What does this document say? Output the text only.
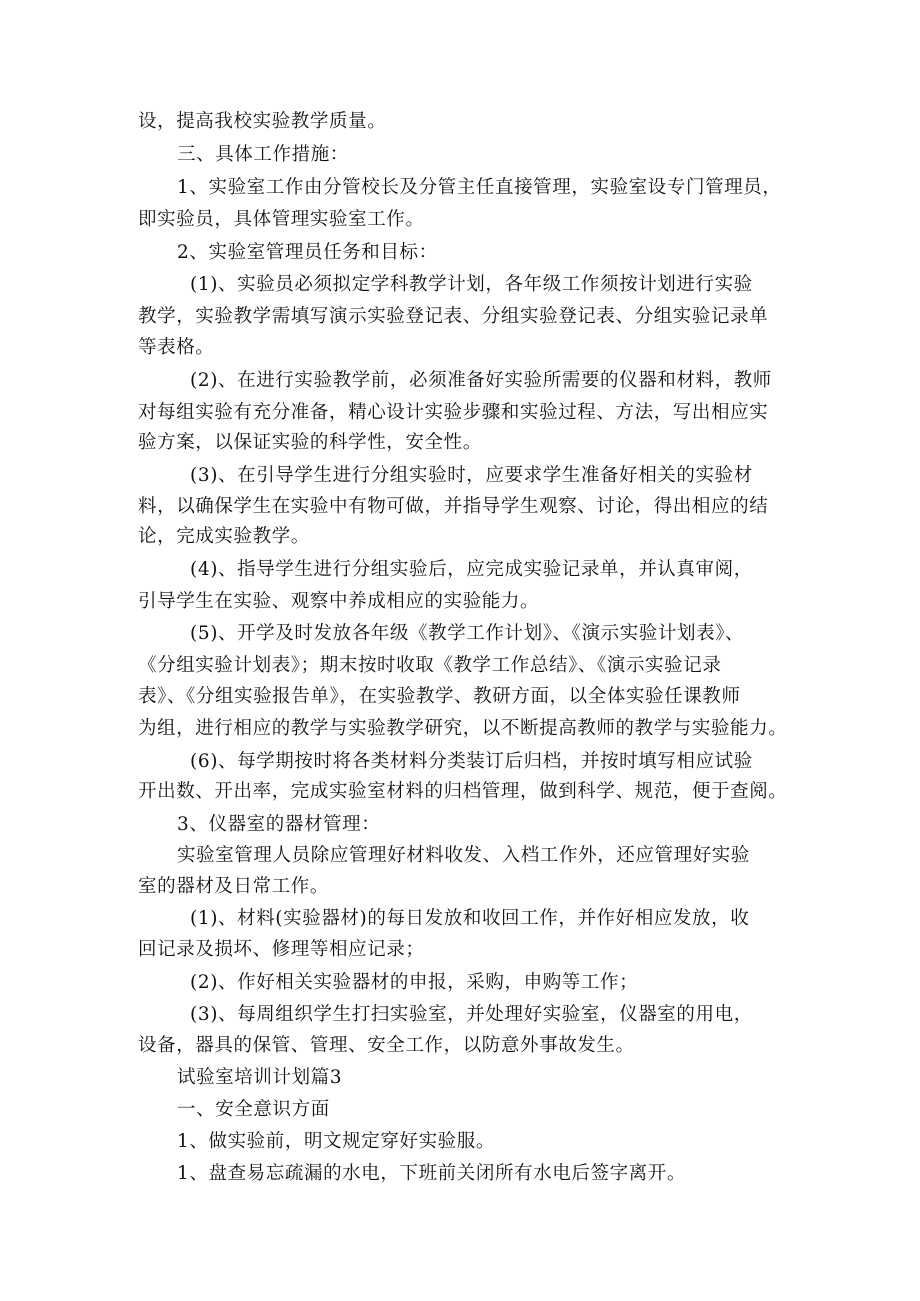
设，提高我校实验教学质量。
三、具体工作措施：
1、实验室工作由分管校长及分管主任直接管理，实验室设专门管理员，
即实验员，具体管理实验室工作。
2、实验室管理员任务和目标：
(1)、实验员必须拟定学科教学计划，各年级工作须按计划进行实验
教学，实验教学需填写演示实验登记表、分组实验登记表、分组实验记录单
等表格。
(2)、在进行实验教学前，必须准备好实验所需要的仪器和材料，教师
对每组实验有充分准备，精心设计实验步骤和实验过程、方法，写出相应实
验方案，以保证实验的科学性，安全性。
(3)、在引导学生进行分组实验时，应要求学生准备好相关的实验材
料，以确保学生在实验中有物可做，并指导学生观察、讨论，得出相应的结
论，完成实验教学。
(4)、指导学生进行分组实验后，应完成实验记录单，并认真审阅，
引导学生在实验、观察中养成相应的实验能力。
(5)、开学及时发放各年级《教学工作计划》、《演示实验计划表》、
《分组实验计划表》；期末按时收取《教学工作总结》、《演示实验记录
表》、《分组实验报告单》，在实验教学、教研方面，以全体实验任课教师
为组，进行相应的教学与实验教学研究，以不断提高教师的教学与实验能力。
(6)、每学期按时将各类材料分类装订后归档，并按时填写相应试验
开出数、开出率，完成实验室材料的归档管理，做到科学、规范，便于查阅。
3、仪器室的器材管理：
实验室管理人员除应管理好材料收发、入档工作外，还应管理好实验
室的器材及日常工作。
(1)、材料(实验器材)的每日发放和收回工作，并作好相应发放，收
回记录及损坏、修理等相应记录；
(2)、作好相关实验器材的申报，采购，申购等工作；
(3)、每周组织学生打扫实验室，并处理好实验室，仪器室的用电，
设备，器具的保管、管理、安全工作，以防意外事故发生。
试验室培训计划篇3
一、安全意识方面
1、做实验前，明文规定穿好实验服。
1、盘查易忘疏漏的水电，下班前关闭所有水电后签字离开。
